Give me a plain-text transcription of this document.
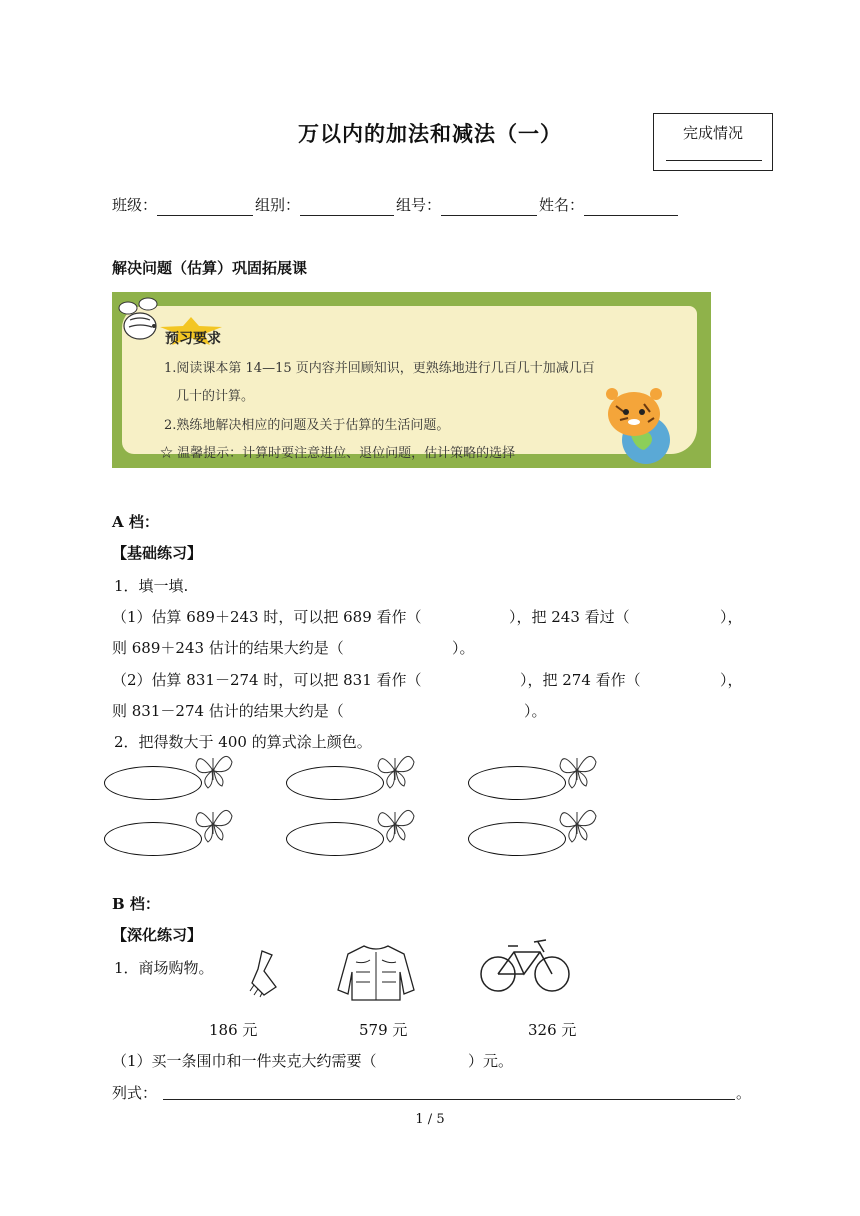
万以内的加法和减法（一）	完成情况
班级：	组别：	组号：	姓名：
解决问题（估算）巩固拓展课
预习要求
1.阅读课本第 14—15 页内容并回顾知识，更熟练地进行几百几十加减几百
几十的计算。
2.熟练地解决相应的问题及关于估算的生活问题。
☆ 温馨提示：计算时要注意进位、退位问题，估计策略的选择
A 档：
【基础练习】
1．填一填.
（1）估算 689＋243 时，可以把 689 看作（	），把 243 看过（	），
则 689＋243 估计的结果大约是（	）。
（2）估算 831－274 时，可以把 831 看作（	），把 274 看作（	），
则 831－274 估计的结果大约是（	）。
2．把得数大于 400 的算式涂上颜色。
B 档：
【深化练习】
1．商场购物。
186 元	579 元	326 元
（1）买一条围巾和一件夹克大约需要（	）元。
列式：	。
1 / 5
